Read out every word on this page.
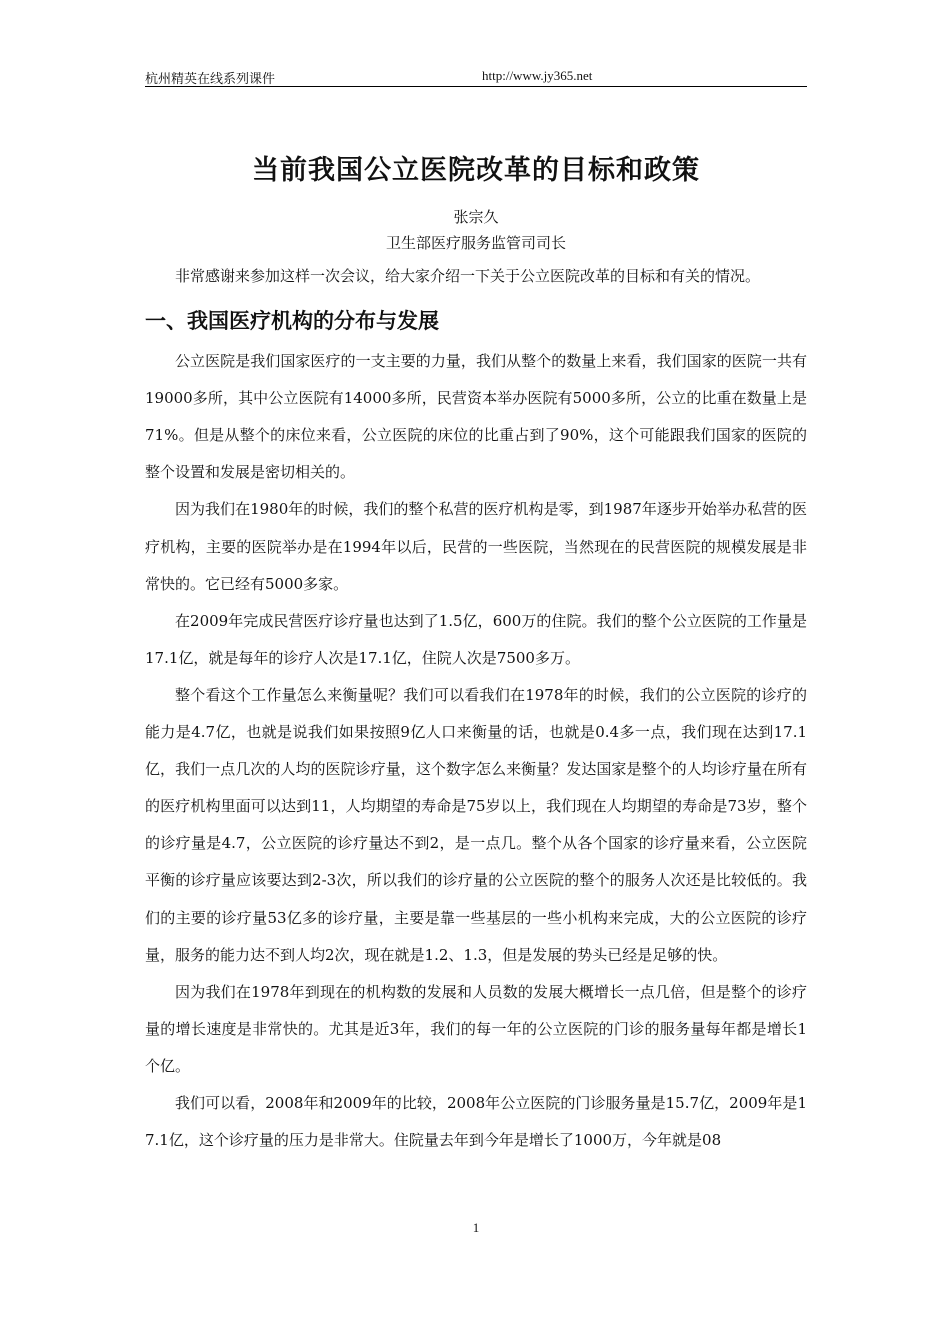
杭州精英在线系列课件	http://www.jy365.net
当前我国公立医院改革的目标和政策
张宗久
卫生部医疗服务监管司司长

非常感谢来参加这样一次会议，给大家介绍一下关于公立医院改革的目标和有关的情况。

一、我国医疗机构的分布与发展

公立医院是我们国家医疗的一支主要的力量，我们从整个的数量上来看，我们国家的医院一共有19000多所，其中公立医院有14000多所，民营资本举办医院有5000多所，公立的比重在数量上是71%。但是从整个的床位来看，公立医院的床位的比重占到了90%，这个可能跟我们国家的医院的整个设置和发展是密切相关的。

因为我们在1980年的时候，我们的整个私营的医疗机构是零，到1987年逐步开始举办私营的医疗机构，主要的医院举办是在1994年以后，民营的一些医院，当然现在的民营医院的规模发展是非常快的。它已经有5000多家。

在2009年完成民营医疗诊疗量也达到了1.5亿，600万的住院。我们的整个公立医院的工作量是17.1亿，就是每年的诊疗人次是17.1亿，住院人次是7500多万。

整个看这个工作量怎么来衡量呢？我们可以看我们在1978年的时候，我们的公立医院的诊疗的能力是4.7亿，也就是说我们如果按照9亿人口来衡量的话，也就是0.4多一点，我们现在达到17.1亿，我们一点几次的人均的医院诊疗量，这个数字怎么来衡量？发达国家是整个的人均诊疗量在所有的医疗机构里面可以达到11，人均期望的寿命是75岁以上，我们现在人均期望的寿命是73岁，整个的诊疗量是4.7，公立医院的诊疗量达不到2，是一点几。整个从各个国家的诊疗量来看，公立医院平衡的诊疗量应该要达到2-3次，所以我们的诊疗量的公立医院的整个的服务人次还是比较低的。我们的主要的诊疗量53亿多的诊疗量，主要是靠一些基层的一些小机构来完成，大的公立医院的诊疗量，服务的能力达不到人均2次，现在就是1.2、1.3，但是发展的势头已经是足够的快。

因为我们在1978年到现在的机构数的发展和人员数的发展大概增长一点几倍，但是整个的诊疗量的增长速度是非常快的。尤其是近3年，我们的每一年的公立医院的门诊的服务量每年都是增长1个亿。

我们可以看，2008年和2009年的比较，2008年公立医院的门诊服务量是15.7亿，2009年是17.1亿，这个诊疗量的压力是非常大。住院量去年到今年是增长了1000万，今年就是08

1
